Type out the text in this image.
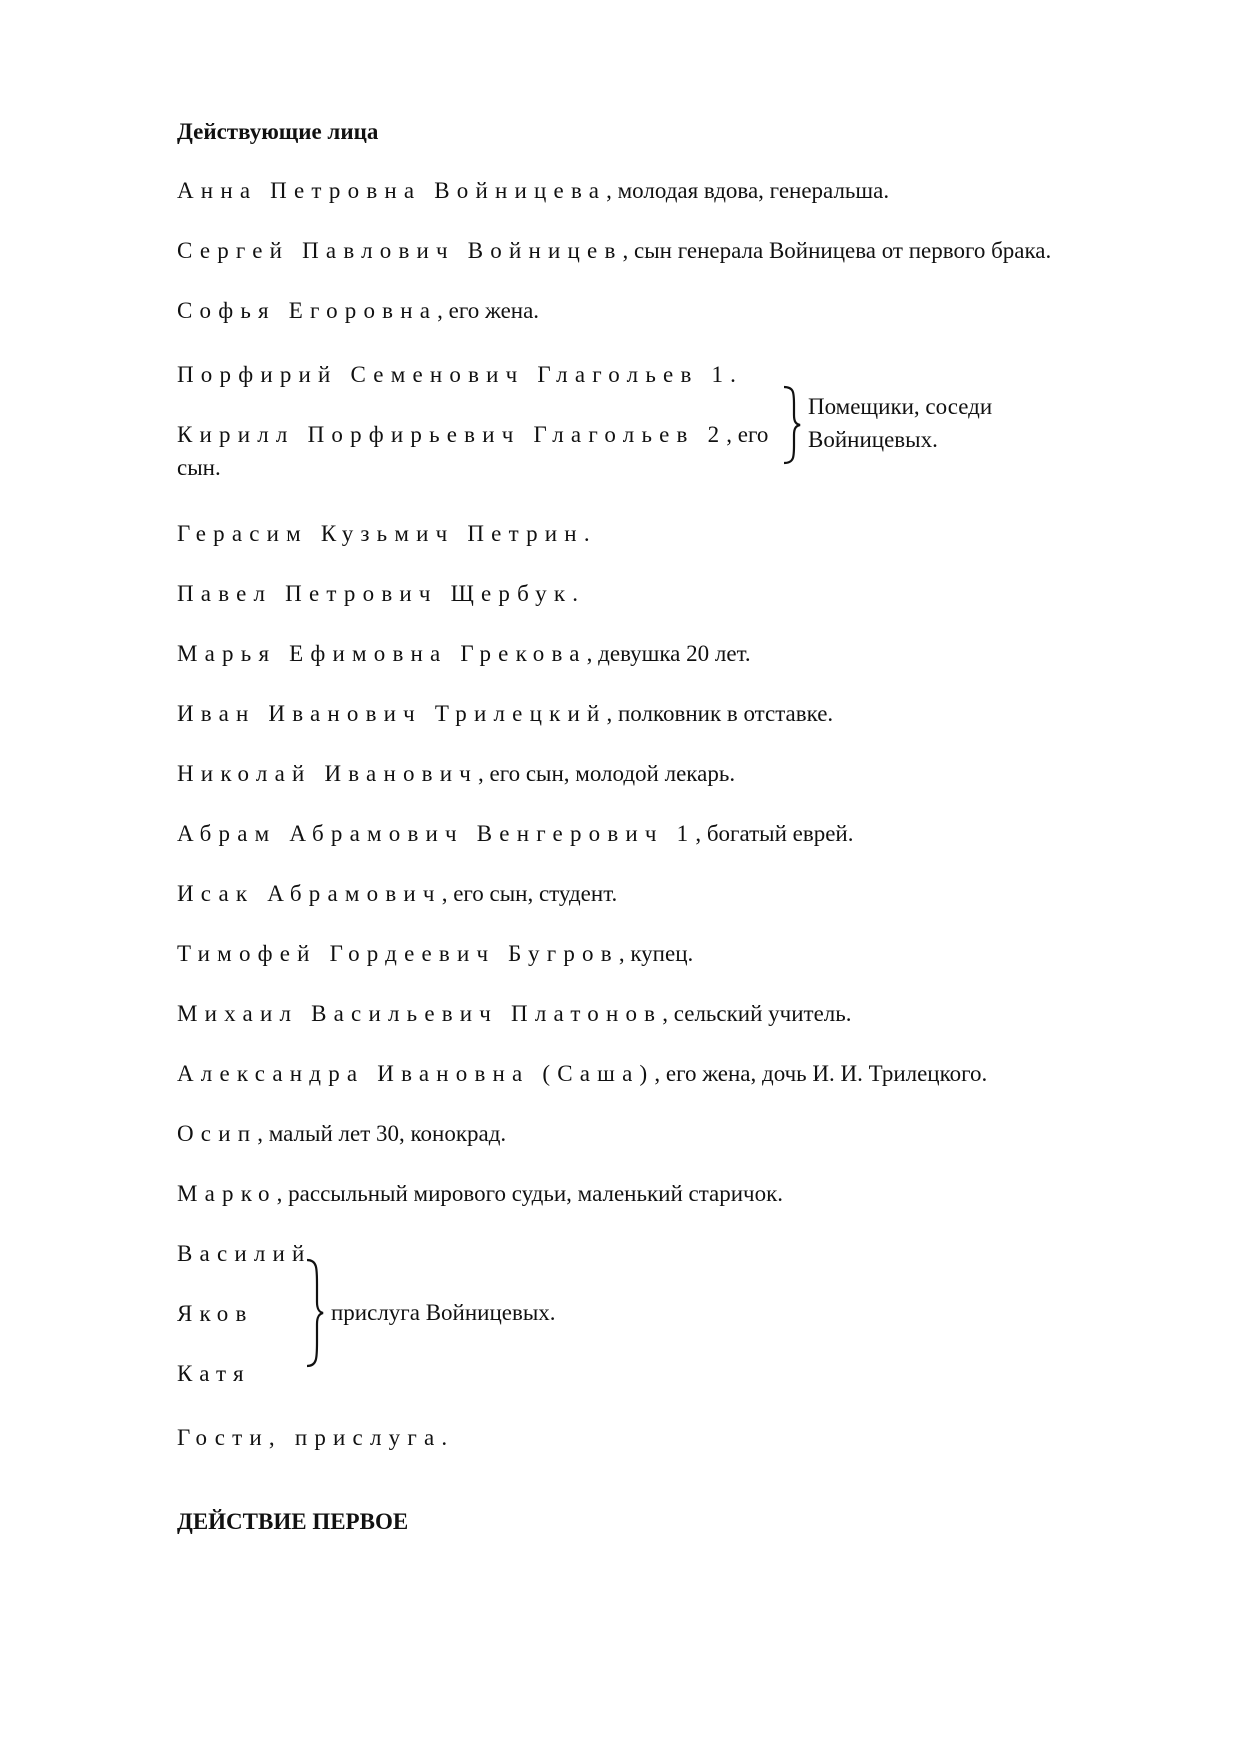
Действующие лица
Анна Петровна Войницева, молодая вдова, генеральша.
Сергей Павлович Войницев, сын генерала Войницева от первого брака.
Софья Егоровна, его жена.
Порфирий Семенович Глагольев 1.
Кирилл Порфирьевич Глагольев 2, его
сын.
Помещики, соседи
Войницевых.
Герасим Кузьмич Петрин.
Павел Петрович Щербук.
Марья Ефимовна Грекова, девушка 20 лет.
Иван Иванович Трилецкий, полковник в отставке.
Николай Иванович, его сын, молодой лекарь.
Абрам Абрамович Венгерович 1, богатый еврей.
Исак Абрамович, его сын, студент.
Тимофей Гордеевич Бугров, купец.
Михаил Васильевич Платонов, сельский учитель.
Александра Ивановна (Саша), его жена, дочь И. И. Трилецкого.
Осип, малый лет 30, конокрад.
Марко, рассыльный мирового судьи, маленький старичок.
Василий
Яков
Катя
прислуга Войницевых.
Гости, прислуга.
ДЕЙСТВИЕ ПЕРВОЕ
